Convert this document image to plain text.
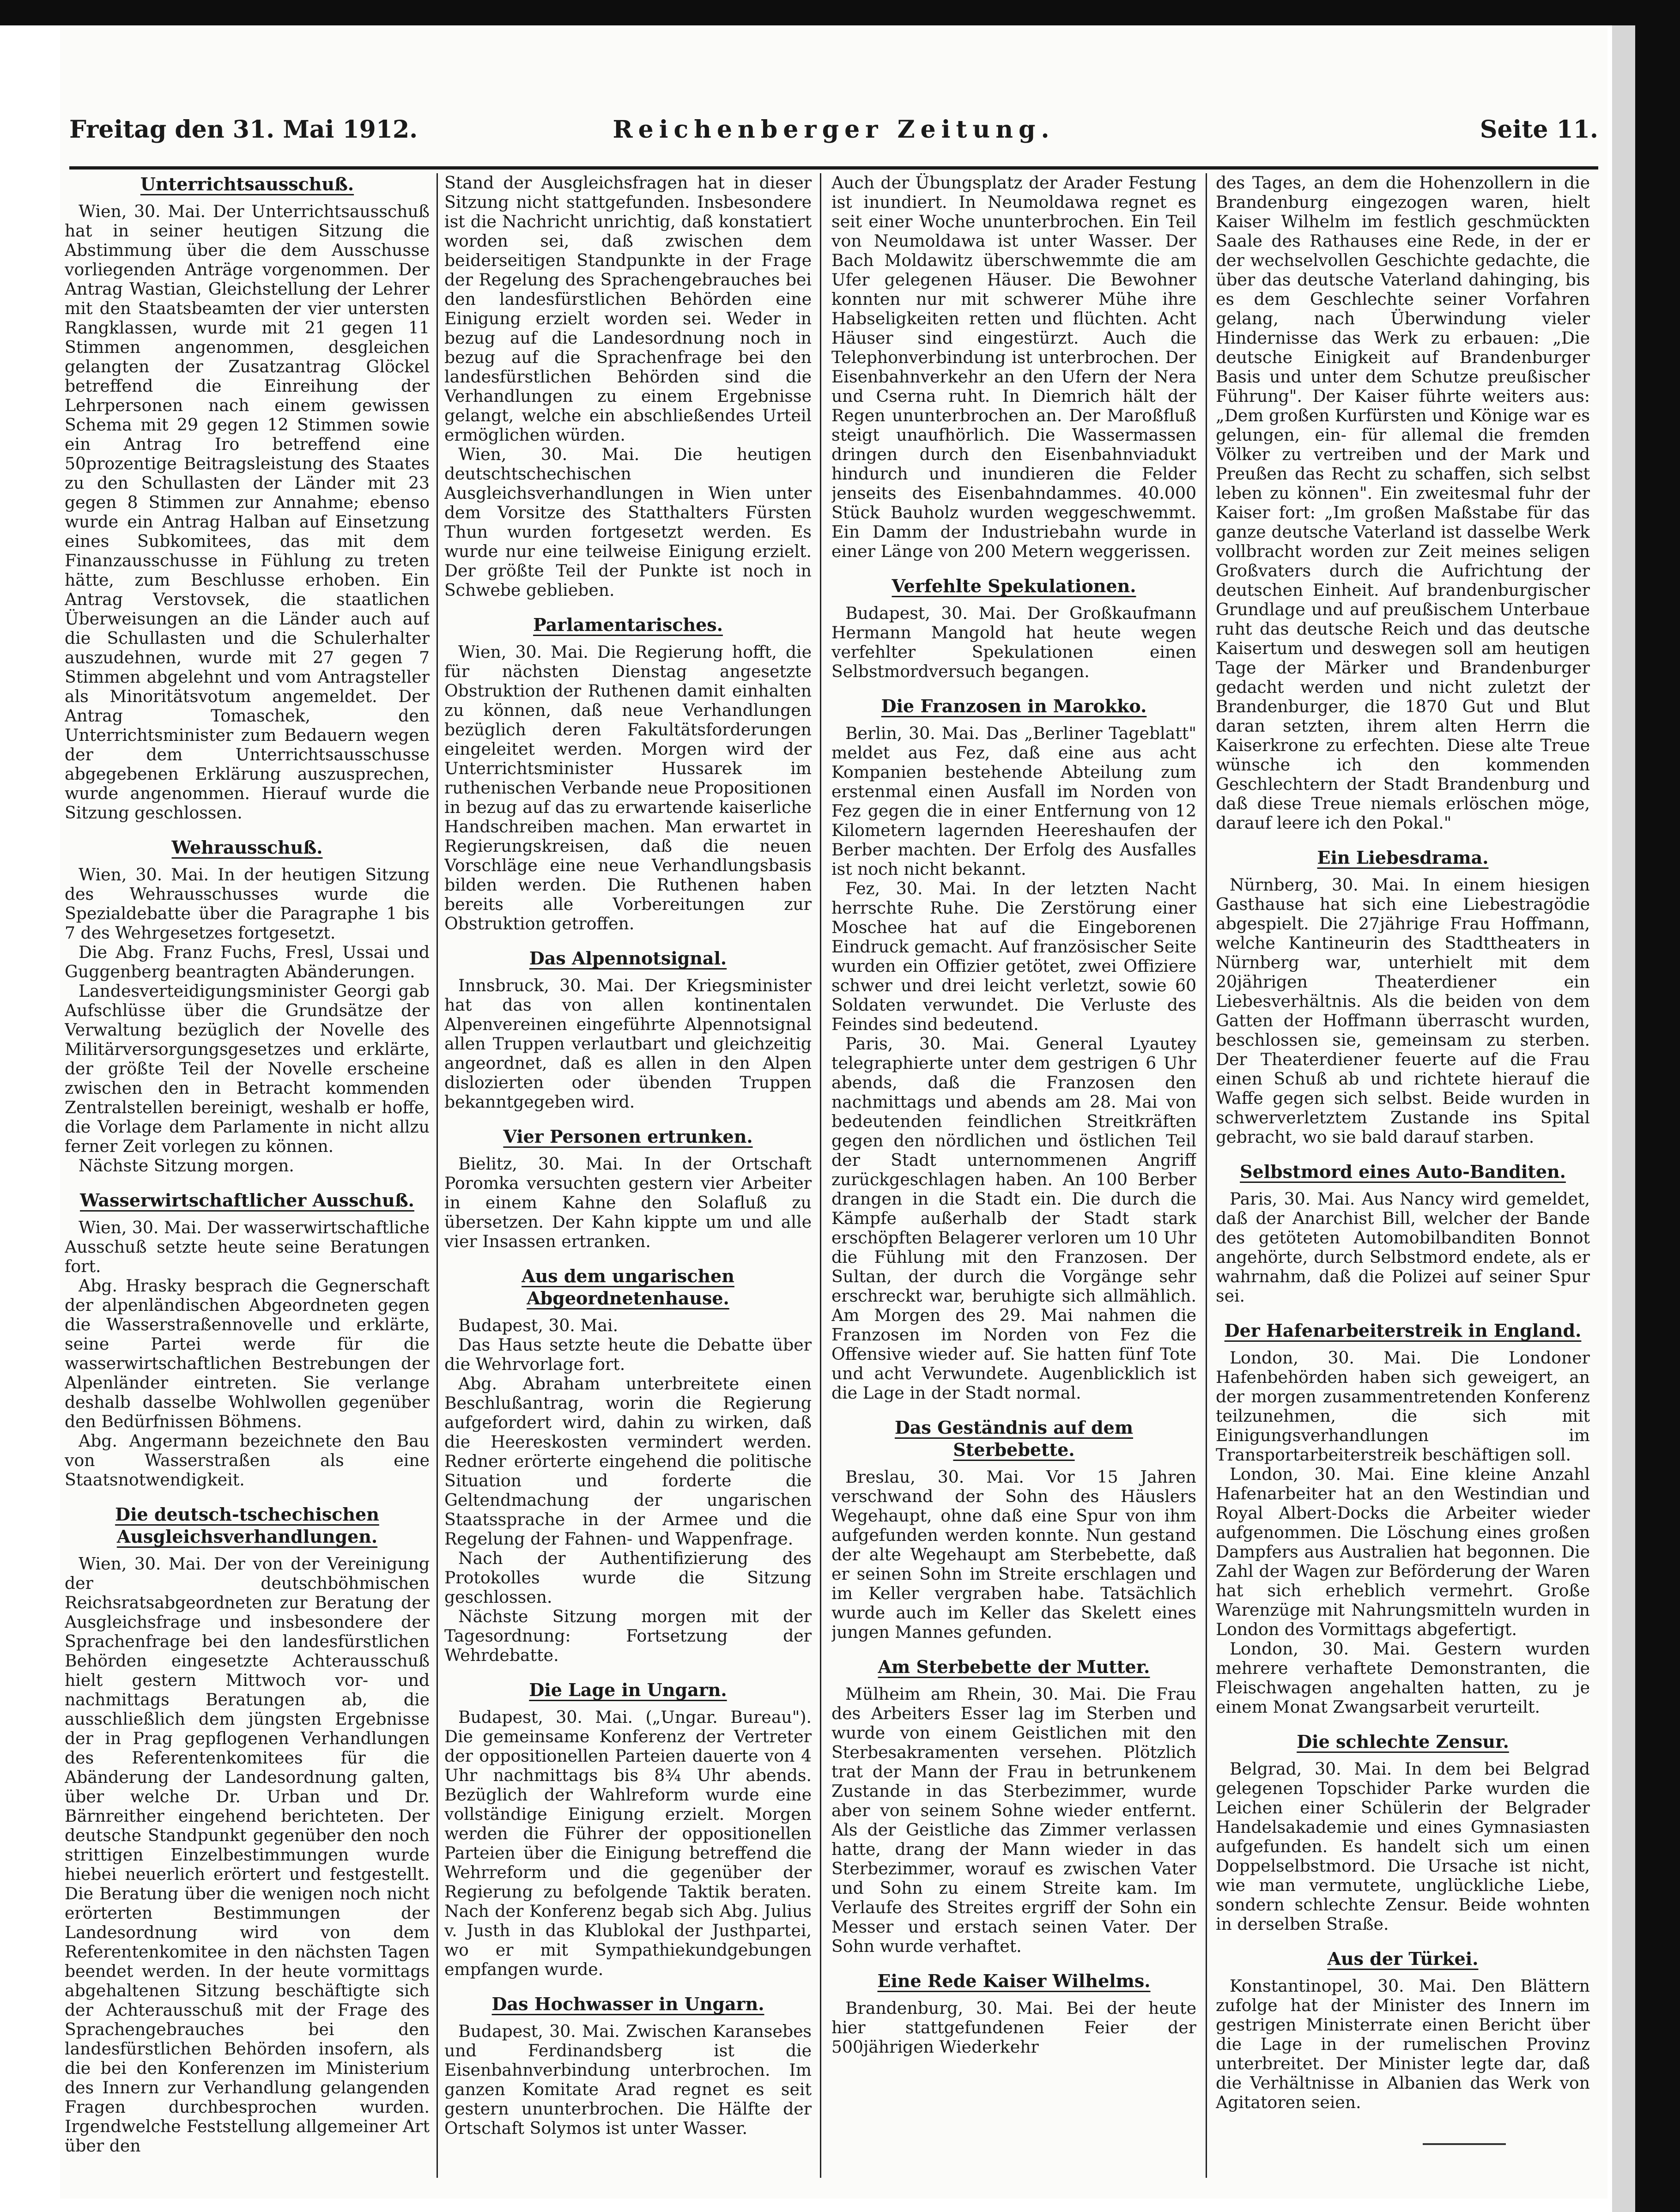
Freitag den 31. Mai 1912.	Reichenberger Zeitung.	Seite 11.
Unterrichtsausschuß.

Wien, 30. Mai. Der Unterrichtsausschuß hat in seiner heutigen Sitzung die Abstimmung über die dem Ausschusse vorliegenden Anträge vorgenommen. Der Antrag Wastian, Gleichstellung der Lehrer mit den Staatsbeamten der vier untersten Rangklassen, wurde mit 21 gegen 11 Stimmen angenommen, desgleichen gelangten der Zusatzantrag Glöckel betreffend die Einreihung der Lehrpersonen nach einem gewissen Schema mit 29 gegen 12 Stimmen sowie ein Antrag Iro betreffend eine 50prozentige Beitragsleistung des Staates zu den Schullasten der Länder mit 23 gegen 8 Stimmen zur Annahme; ebenso wurde ein Antrag Halban auf Einsetzung eines Subkomitees, das mit dem Finanzausschusse in Fühlung zu treten hätte, zum Beschlusse erhoben. Ein Antrag Verstovsek, die staatlichen Überweisungen an die Länder auch auf die Schullasten und die Schulerhalter auszudehnen, wurde mit 27 gegen 7 Stimmen abgelehnt und vom Antragsteller als Minoritätsvotum angemeldet. Der Antrag Tomaschek, den Unterrichtsminister zum Bedauern wegen der dem Unterrichtsausschusse abgegebenen Erklärung auszusprechen, wurde angenommen. Hierauf wurde die Sitzung geschlossen.

Wehrausschuß.

Wien, 30. Mai. In der heutigen Sitzung des Wehrausschusses wurde die Spezialdebatte über die Paragraphe 1 bis 7 des Wehrgesetzes fortgesetzt.

Die Abg. Franz Fuchs, Fresl, Ussai und Guggenberg beantragten Abänderungen.

Landesverteidigungsminister Georgi gab Aufschlüsse über die Grundsätze der Verwaltung bezüglich der Novelle des Militärversorgungsgesetzes und erklärte, der größte Teil der Novelle erscheine zwischen den in Betracht kommenden Zentralstellen bereinigt, weshalb er hoffe, die Vorlage dem Parlamente in nicht allzu ferner Zeit vorlegen zu können.

Nächste Sitzung morgen.

Wasserwirtschaftlicher Ausschuß.

Wien, 30. Mai. Der wasserwirtschaftliche Ausschuß setzte heute seine Beratungen fort.

Abg. Hrasky besprach die Gegnerschaft der alpenländischen Abgeordneten gegen die Wasserstraßennovelle und erklärte, seine Partei werde für die wasserwirtschaftlichen Bestrebungen der Alpenländer eintreten. Sie verlange deshalb dasselbe Wohlwollen gegenüber den Bedürfnissen Böhmens.

Abg. Angermann bezeichnete den Bau von Wasserstraßen als eine Staatsnotwendigkeit.

Die deutsch-tschechischen Ausgleichsverhandlungen.

Wien, 30. Mai. Der von der Vereinigung der deutschböhmischen Reichsratsabgeordneten zur Beratung der Ausgleichsfrage und insbesondere der Sprachenfrage bei den landesfürstlichen Behörden eingesetzte Achterausschuß hielt gestern Mittwoch vor- und nachmittags Beratungen ab, die ausschließlich dem jüngsten Ergebnisse der in Prag gepflogenen Verhandlungen des Referentenkomitees für die Abänderung der Landesordnung galten, über welche Dr. Urban und Dr. Bärnreither eingehend berichteten. Der deutsche Standpunkt gegenüber den noch strittigen Einzelbestimmungen wurde hiebei neuerlich erörtert und festgestellt. Die Beratung über die wenigen noch nicht erörterten Bestimmungen der Landesordnung wird von dem Referentenkomitee in den nächsten Tagen beendet werden. In der heute vormittags abgehaltenen Sitzung beschäftigte sich der Achterausschuß mit der Frage des Sprachengebrauches bei den landesfürstlichen Behörden insofern, als die bei den Konferenzen im Ministerium des Innern zur Verhandlung gelangenden Fragen durchbesprochen wurden. Irgendwelche Feststellung allgemeiner Art über den

Stand der Ausgleichsfragen hat in dieser Sitzung nicht stattgefunden. Insbesondere ist die Nachricht unrichtig, daß konstatiert worden sei, daß zwischen dem beiderseitigen Standpunkte in der Frage der Regelung des Sprachengebrauches bei den landesfürstlichen Behörden eine Einigung erzielt worden sei. Weder in bezug auf die Landesordnung noch in bezug auf die Sprachenfrage bei den landesfürstlichen Behörden sind die Verhandlungen zu einem Ergebnisse gelangt, welche ein abschließendes Urteil ermöglichen würden.

Wien, 30. Mai. Die heutigen deutschtschechischen Ausgleichsverhandlungen in Wien unter dem Vorsitze des Statthalters Fürsten Thun wurden fortgesetzt werden. Es wurde nur eine teilweise Einigung erzielt. Der größte Teil der Punkte ist noch in Schwebe geblieben.

Parlamentarisches.

Wien, 30. Mai. Die Regierung hofft, die für nächsten Dienstag angesetzte Obstruktion der Ruthenen damit einhalten zu können, daß neue Verhandlungen bezüglich deren Fakultätsforderungen eingeleitet werden. Morgen wird der Unterrichtsminister Hussarek im ruthenischen Verbande neue Propositionen in bezug auf das zu erwartende kaiserliche Handschreiben machen. Man erwartet in Regierungskreisen, daß die neuen Vorschläge eine neue Verhandlungsbasis bilden werden. Die Ruthenen haben bereits alle Vorbereitungen zur Obstruktion getroffen.

Das Alpennotsignal.

Innsbruck, 30. Mai. Der Kriegsminister hat das von allen kontinentalen Alpenvereinen eingeführte Alpennotsignal allen Truppen verlautbart und gleichzeitig angeordnet, daß es allen in den Alpen dislozierten oder übenden Truppen bekanntgegeben wird.

Vier Personen ertrunken.

Bielitz, 30. Mai. In der Ortschaft Poromka versuchten gestern vier Arbeiter in einem Kahne den Solafluß zu übersetzen. Der Kahn kippte um und alle vier Insassen ertranken.

Aus dem ungarischen Abgeordnetenhause.

Budapest, 30. Mai.

Das Haus setzte heute die Debatte über die Wehrvorlage fort.

Abg. Abraham unterbreitete einen Beschlußantrag, worin die Regierung aufgefordert wird, dahin zu wirken, daß die Heereskosten vermindert werden. Redner erörterte eingehend die politische Situation und forderte die Geltendmachung der ungarischen Staatssprache in der Armee und die Regelung der Fahnen- und Wappenfrage.

Nach der Authentifizierung des Protokolles wurde die Sitzung geschlossen.

Nächste Sitzung morgen mit der Tagesordnung: Fortsetzung der Wehrdebatte.

Die Lage in Ungarn.

Budapest, 30. Mai. („Ungar. Bureau"). Die gemeinsame Konferenz der Vertreter der oppositionellen Parteien dauerte von 4 Uhr nachmittags bis 8¾ Uhr abends. Bezüglich der Wahlreform wurde eine vollständige Einigung erzielt. Morgen werden die Führer der oppositionellen Parteien über die Einigung betreffend die Wehrreform und die gegenüber der Regierung zu befolgende Taktik beraten. Nach der Konferenz begab sich Abg. Julius v. Justh in das Klublokal der Justhpartei, wo er mit Sympathiekundgebungen empfangen wurde.

Das Hochwasser in Ungarn.

Budapest, 30. Mai. Zwischen Karansebes und Ferdinandsberg ist die Eisenbahnverbindung unterbrochen. Im ganzen Komitate Arad regnet es seit gestern ununterbrochen. Die Hälfte der Ortschaft Solymos ist unter Wasser.

Auch der Übungsplatz der Arader Festung ist inundiert. In Neumoldawa regnet es seit einer Woche ununterbrochen. Ein Teil von Neumoldawa ist unter Wasser. Der Bach Moldawitz überschwemmte die am Ufer gelegenen Häuser. Die Bewohner konnten nur mit schwerer Mühe ihre Habseligkeiten retten und flüchten. Acht Häuser sind eingestürzt. Auch die Telephonverbindung ist unterbrochen. Der Eisenbahnverkehr an den Ufern der Nera und Cserna ruht. In Diemrich hält der Regen ununterbrochen an. Der Maroßfluß steigt unaufhörlich. Die Wassermassen dringen durch den Eisenbahnviadukt hindurch und inundieren die Felder jenseits des Eisenbahndammes. 40.000 Stück Bauholz wurden weggeschwemmt. Ein Damm der Industriebahn wurde in einer Länge von 200 Metern weggerissen.

Verfehlte Spekulationen.

Budapest, 30. Mai. Der Großkaufmann Hermann Mangold hat heute wegen verfehlter Spekulationen einen Selbstmordversuch begangen.

Die Franzosen in Marokko.

Berlin, 30. Mai. Das „Berliner Tageblatt" meldet aus Fez, daß eine aus acht Kompanien bestehende Abteilung zum erstenmal einen Ausfall im Norden von Fez gegen die in einer Entfernung von 12 Kilometern lagernden Heereshaufen der Berber machten. Der Erfolg des Ausfalles ist noch nicht bekannt.

Fez, 30. Mai. In der letzten Nacht herrschte Ruhe. Die Zerstörung einer Moschee hat auf die Eingeborenen Eindruck gemacht. Auf französischer Seite wurden ein Offizier getötet, zwei Offiziere schwer und drei leicht verletzt, sowie 60 Soldaten verwundet. Die Verluste des Feindes sind bedeutend.

Paris, 30. Mai. General Lyautey telegraphierte unter dem gestrigen 6 Uhr abends, daß die Franzosen den nachmittags und abends am 28. Mai von bedeutenden feindlichen Streitkräften gegen den nördlichen und östlichen Teil der Stadt unternommenen Angriff zurückgeschlagen haben. An 100 Berber drangen in die Stadt ein. Die durch die Kämpfe außerhalb der Stadt stark erschöpften Belagerer verloren um 10 Uhr die Fühlung mit den Franzosen. Der Sultan, der durch die Vorgänge sehr erschreckt war, beruhigte sich allmählich. Am Morgen des 29. Mai nahmen die Franzosen im Norden von Fez die Offensive wieder auf. Sie hatten fünf Tote und acht Verwundete. Augenblicklich ist die Lage in der Stadt normal.

Das Geständnis auf dem Sterbebette.

Breslau, 30. Mai. Vor 15 Jahren verschwand der Sohn des Häuslers Wegehaupt, ohne daß eine Spur von ihm aufgefunden werden konnte. Nun gestand der alte Wegehaupt am Sterbebette, daß er seinen Sohn im Streite erschlagen und im Keller vergraben habe. Tatsächlich wurde auch im Keller das Skelett eines jungen Mannes gefunden.

Am Sterbebette der Mutter.

Mülheim am Rhein, 30. Mai. Die Frau des Arbeiters Esser lag im Sterben und wurde von einem Geistlichen mit den Sterbesakramenten versehen. Plötzlich trat der Mann der Frau in betrunkenem Zustande in das Sterbezimmer, wurde aber von seinem Sohne wieder entfernt. Als der Geistliche das Zimmer verlassen hatte, drang der Mann wieder in das Sterbezimmer, worauf es zwischen Vater und Sohn zu einem Streite kam. Im Verlaufe des Streites ergriff der Sohn ein Messer und erstach seinen Vater. Der Sohn wurde verhaftet.

Eine Rede Kaiser Wilhelms.

Brandenburg, 30. Mai. Bei der heute hier stattgefundenen Feier der 500jährigen Wiederkehr

des Tages, an dem die Hohenzollern in die Brandenburg eingezogen waren, hielt Kaiser Wilhelm im festlich geschmückten Saale des Rathauses eine Rede, in der er der wechselvollen Geschichte gedachte, die über das deutsche Vaterland dahinging, bis es dem Geschlechte seiner Vorfahren gelang, nach Überwindung vieler Hindernisse das Werk zu erbauen: „Die deutsche Einigkeit auf Brandenburger Basis und unter dem Schutze preußischer Führung". Der Kaiser führte weiters aus: „Dem großen Kurfürsten und Könige war es gelungen, ein- für allemal die fremden Völker zu vertreiben und der Mark und Preußen das Recht zu schaffen, sich selbst leben zu können". Ein zweitesmal fuhr der Kaiser fort: „Im großen Maßstabe für das ganze deutsche Vaterland ist dasselbe Werk vollbracht worden zur Zeit meines seligen Großvaters durch die Aufrichtung der deutschen Einheit. Auf brandenburgischer Grundlage und auf preußischem Unterbaue ruht das deutsche Reich und das deutsche Kaisertum und deswegen soll am heutigen Tage der Märker und Brandenburger gedacht werden und nicht zuletzt der Brandenburger, die 1870 Gut und Blut daran setzten, ihrem alten Herrn die Kaiserkrone zu erfechten. Diese alte Treue wünsche ich den kommenden Geschlechtern der Stadt Brandenburg und daß diese Treue niemals erlöschen möge, darauf leere ich den Pokal."

Ein Liebesdrama.

Nürnberg, 30. Mai. In einem hiesigen Gasthause hat sich eine Liebestragödie abgespielt. Die 27jährige Frau Hoffmann, welche Kantineurin des Stadttheaters in Nürnberg war, unterhielt mit dem 20jährigen Theaterdiener ein Liebesverhältnis. Als die beiden von dem Gatten der Hoffmann überrascht wurden, beschlossen sie, gemeinsam zu sterben. Der Theaterdiener feuerte auf die Frau einen Schuß ab und richtete hierauf die Waffe gegen sich selbst. Beide wurden in schwerverletztem Zustande ins Spital gebracht, wo sie bald darauf starben.

Selbstmord eines Auto-Banditen.

Paris, 30. Mai. Aus Nancy wird gemeldet, daß der Anarchist Bill, welcher der Bande des getöteten Automobilbanditen Bonnot angehörte, durch Selbstmord endete, als er wahrnahm, daß die Polizei auf seiner Spur sei.

Der Hafenarbeiterstreik in England.

London, 30. Mai. Die Londoner Hafenbehörden haben sich geweigert, an der morgen zusammentretenden Konferenz teilzunehmen, die sich mit Einigungsverhandlungen im Transportarbeiterstreik beschäftigen soll.

London, 30. Mai. Eine kleine Anzahl Hafenarbeiter hat an den Westindian und Royal Albert-Docks die Arbeiter wieder aufgenommen. Die Löschung eines großen Dampfers aus Australien hat begonnen. Die Zahl der Wagen zur Beförderung der Waren hat sich erheblich vermehrt. Große Warenzüge mit Nahrungsmitteln wurden in London des Vormittags abgefertigt.

London, 30. Mai. Gestern wurden mehrere verhaftete Demonstranten, die Fleischwagen angehalten hatten, zu je einem Monat Zwangsarbeit verurteilt.

Die schlechte Zensur.

Belgrad, 30. Mai. In dem bei Belgrad gelegenen Topschider Parke wurden die Leichen einer Schülerin der Belgrader Handelsakademie und eines Gymnasiasten aufgefunden. Es handelt sich um einen Doppelselbstmord. Die Ursache ist nicht, wie man vermutete, unglückliche Liebe, sondern schlechte Zensur. Beide wohnten in derselben Straße.

Aus der Türkei.

Konstantinopel, 30. Mai. Den Blättern zufolge hat der Minister des Innern im gestrigen Ministerrate einen Bericht über die Lage in der rumelischen Provinz unterbreitet. Der Minister legte dar, daß die Verhältnisse in Albanien das Werk von Agitatoren seien.
